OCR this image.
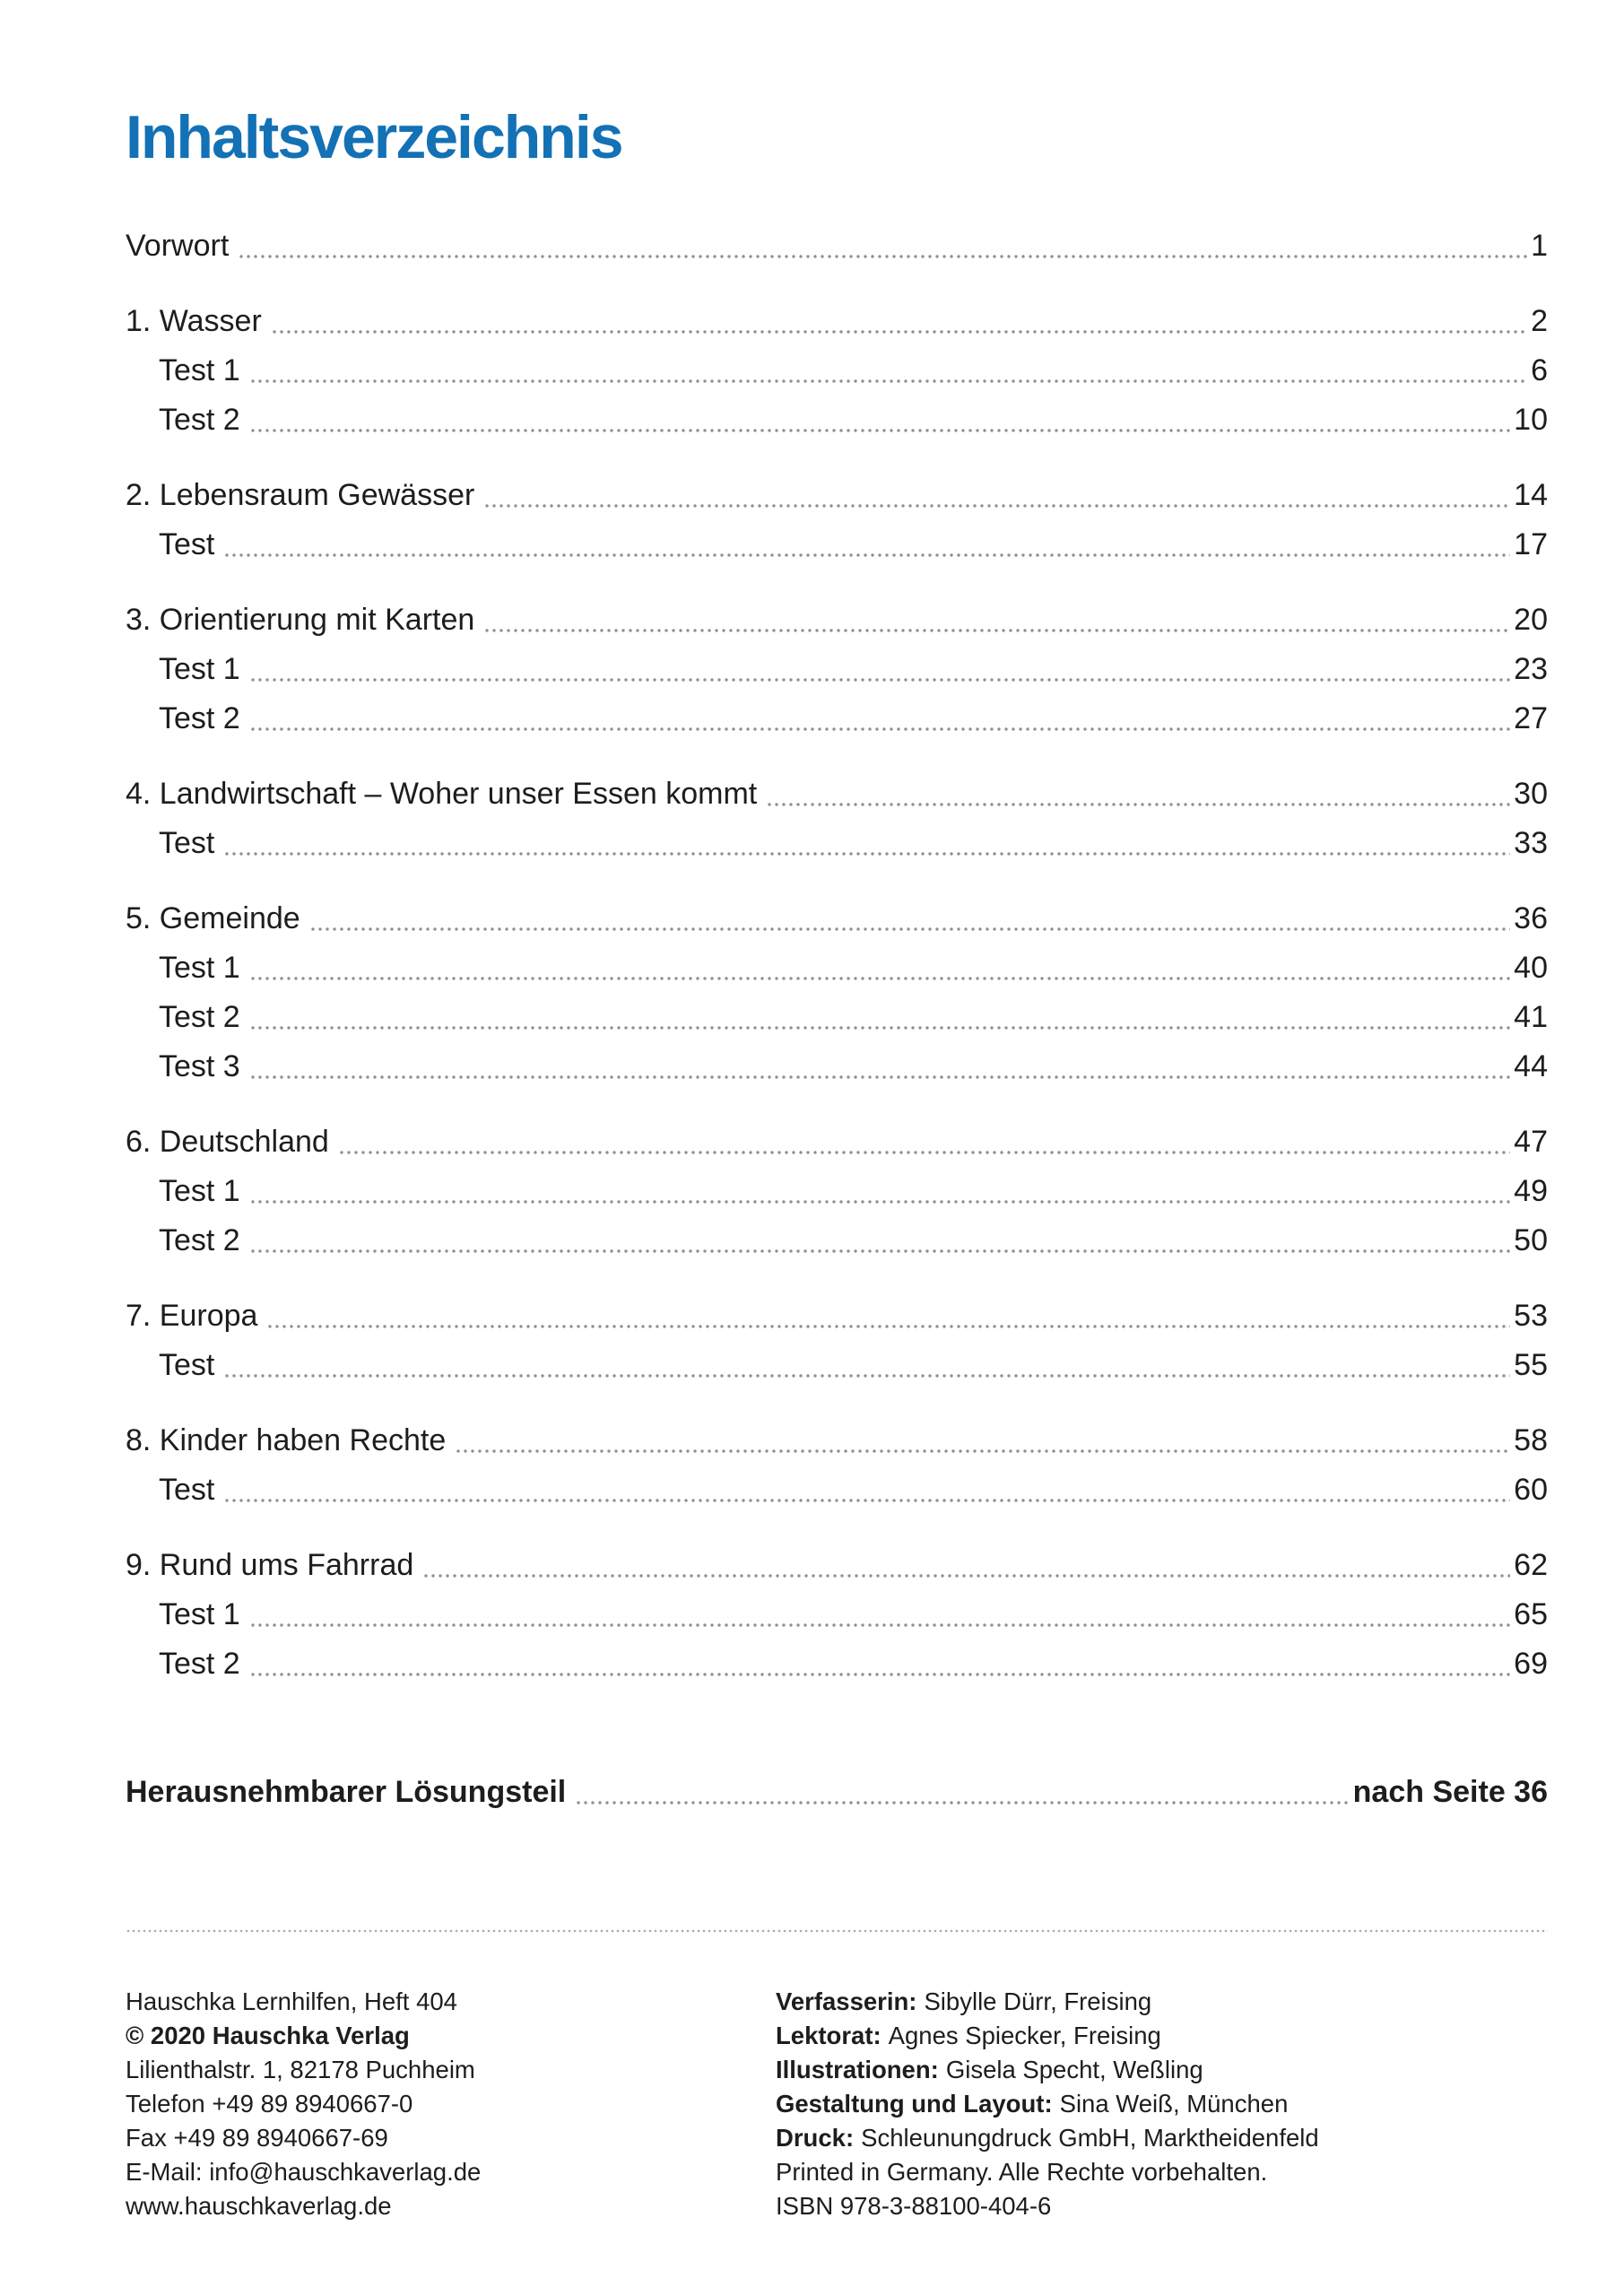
Inhaltsverzeichnis
Vorwort	1
1. Wasser	2
Test 1	6
Test 2	10
2. Lebensraum Gewässer	14
Test	17
3. Orientierung mit Karten	20
Test 1	23
Test 2	27
4. Landwirtschaft – Woher unser Essen kommt	30
Test	33
5. Gemeinde	36
Test 1	40
Test 2	41
Test 3	44
6. Deutschland	47
Test 1	49
Test 2	50
7. Europa	53
Test	55
8. Kinder haben Rechte	58
Test	60
9. Rund ums Fahrrad	62
Test 1	65
Test 2	69
Herausnehmbarer Lösungsteil	nach Seite 36
Hauschka Lernhilfen, Heft 404
© 2020 Hauschka Verlag
Lilienthalstr. 1, 82178 Puchheim
Telefon +49 89 8940667-0
Fax +49 89 8940667-69
E-Mail: info@hauschkaverlag.de
www.hauschkaverlag.de
Verfasserin: Sibylle Dürr, Freising
Lektorat: Agnes Spiecker, Freising
Illustrationen: Gisela Specht, Weßling
Gestaltung und Layout: Sina Weiß, München
Druck: Schleunungdruck GmbH, Marktheidenfeld
Printed in Germany. Alle Rechte vorbehalten.
ISBN 978-3-88100-404-6
